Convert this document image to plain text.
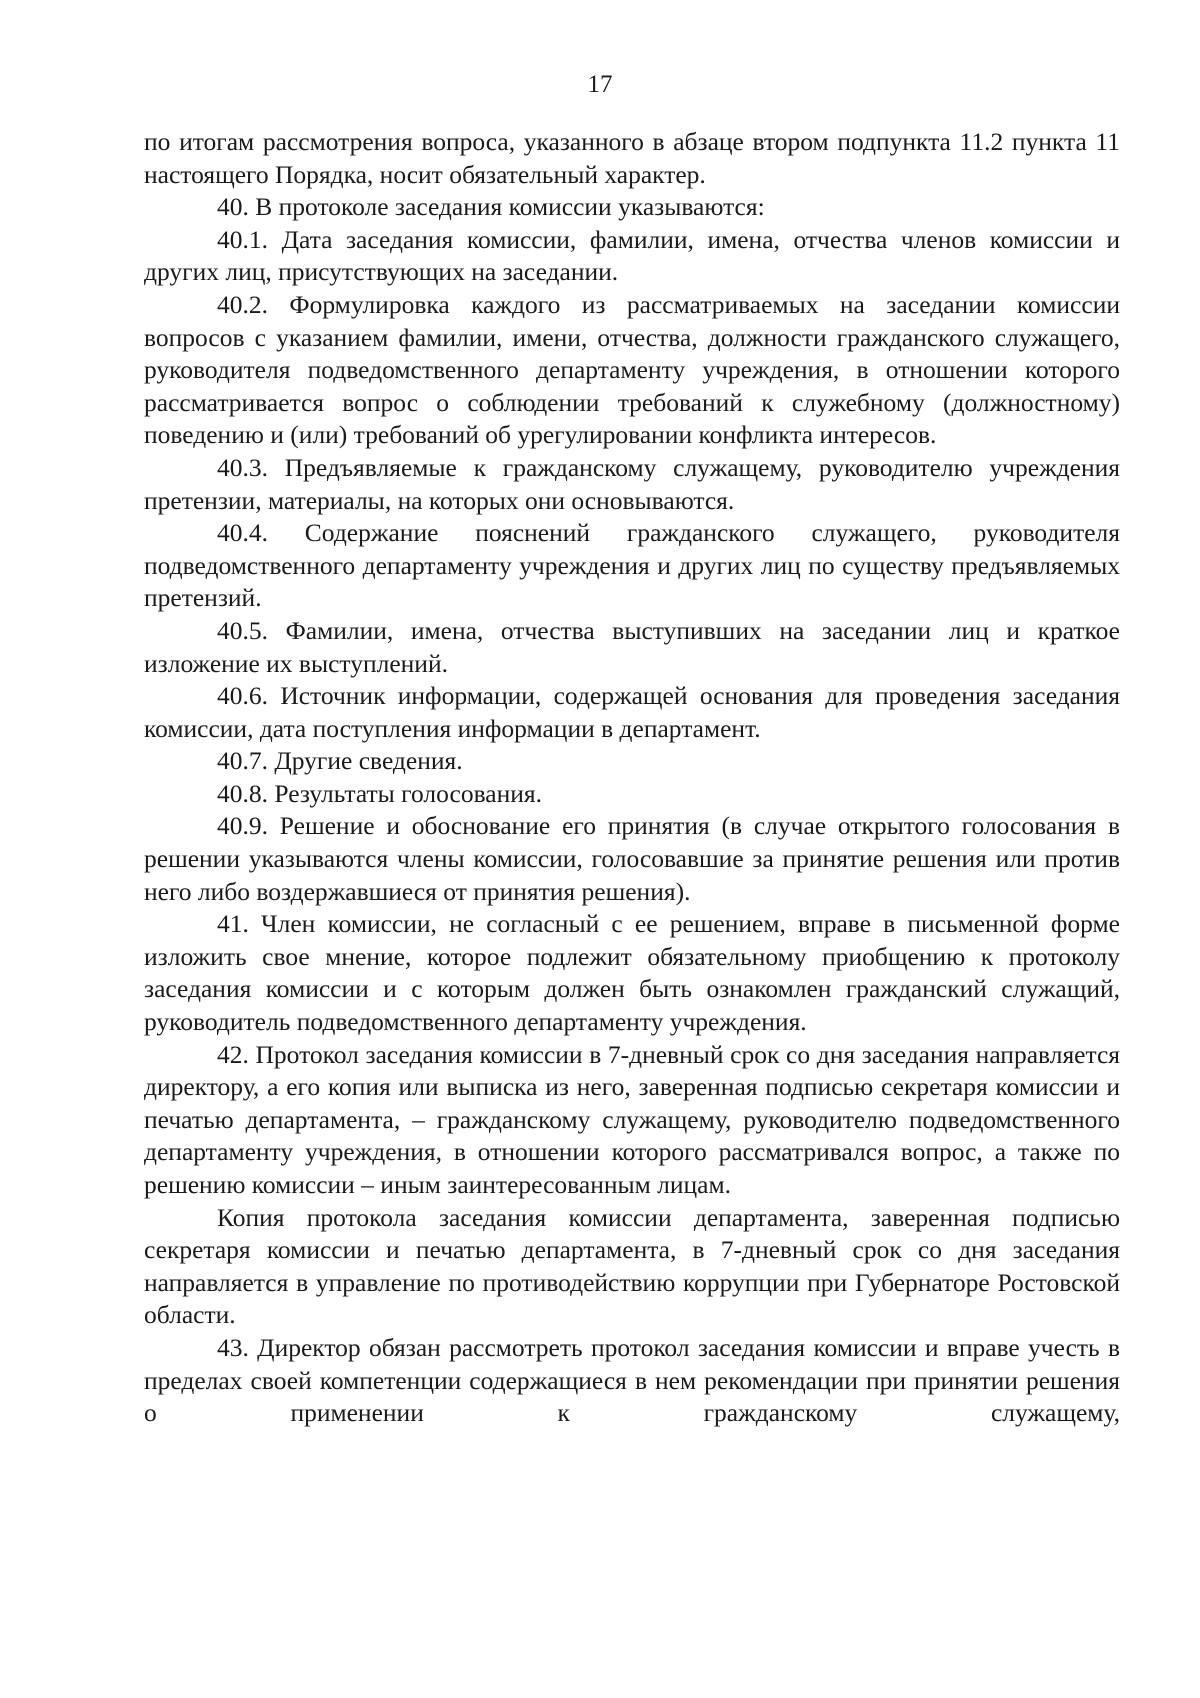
17

по итогам рассмотрения вопроса, указанного в абзаце втором подпункта 11.2 пункта 11 настоящего Порядка, носит обязательный характер.

40. В протоколе заседания комиссии указываются:

40.1. Дата заседания комиссии, фамилии, имена, отчества членов комиссии и других лиц, присутствующих на заседании.

40.2. Формулировка каждого из рассматриваемых на заседании комиссии вопросов с указанием фамилии, имени, отчества, должности гражданского служащего, руководителя подведомственного департаменту учреждения, в отношении которого рассматривается вопрос о соблюдении требований к служебному (должностному) поведению и (или) требований об урегулировании конфликта интересов.

40.3. Предъявляемые к гражданскому служащему, руководителю учреждения претензии, материалы, на которых они основываются.

40.4. Содержание пояснений гражданского служащего, руководителя подведомственного департаменту учреждения и других лиц по существу предъявляемых претензий.

40.5. Фамилии, имена, отчества выступивших на заседании лиц и краткое изложение их выступлений.

40.6. Источник информации, содержащей основания для проведения заседания комиссии, дата поступления информации в департамент.

40.7. Другие сведения.

40.8. Результаты голосования.

40.9. Решение и обоснование его принятия (в случае открытого голосования в решении указываются члены комиссии, голосовавшие за принятие решения или против него либо воздержавшиеся от принятия решения).

41. Член комиссии, не согласный с ее решением, вправе в письменной форме изложить свое мнение, которое подлежит обязательному приобщению к протоколу заседания комиссии и с которым должен быть ознакомлен гражданский служащий, руководитель подведомственного департаменту учреждения.

42. Протокол заседания комиссии в 7-дневный срок со дня заседания направляется директору, а его копия или выписка из него, заверенная подписью секретаря комиссии и печатью департамента, – гражданскому служащему, руководителю подведомственного департаменту учреждения, в отношении которого рассматривался вопрос, а также по решению комиссии – иным заинтересованным лицам.

Копия протокола заседания комиссии департамента, заверенная подписью секретаря комиссии и печатью департамента, в 7-дневный срок со дня заседания направляется в управление по противодействию коррупции при Губернаторе Ростовской области.

43. Директор обязан рассмотреть протокол заседания комиссии и вправе учесть в пределах своей компетенции содержащиеся в нем рекомендации при принятии решения о применении к гражданскому служащему,
